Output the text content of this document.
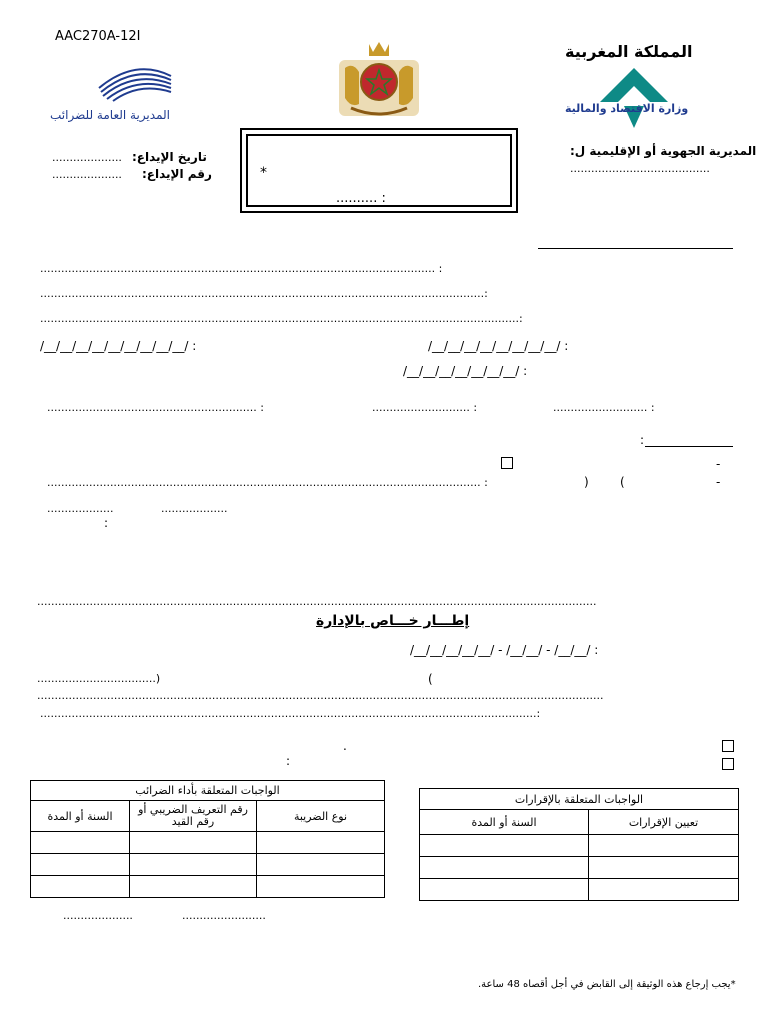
AAC270A-12I
المديرية العامة للضرائب
المملكة المغربية
وزارة الاقتصاد والمالية
المديرية الجهوية أو الإقليمية ل:
........................................
.................... تاريخ الإيداع:
.................... رقم الإيداع:	*
.......... :
................................................................................................................. :
...............................................................................................................................:
.........................................................................................................................................:
/__/__/__/__/__/__/__/__/__/ :	/__/__/__/__/__/__/__/__/ :
/__/__/__/__/__/__/__/ :
............................................................ :	............................ :	........................... :
:
-
............................................................................................................................ :	(
)	-
...................	...................
:
................................................................................................................................................................
إطـــار خـــاص بالإدارة
/__/__/__/__/__/ - /__/__/ - /__/__/ :
..................................)	(
..................................................................................................................................................................
..............................................................................................................................................:
.
:
الواجبات المتعلقة بأداء الضرائب		
السنة أو المدة	رقم التعريف الضريبي أو رقم القيد	نوع الضريبة

الواجبات المتعلقة بالإقرارات	
السنة أو المدة	تعيين الإقرارات

....................	........................
*يجب إرجاع هذه الوثيقة إلى القابض في أجل أقصاه 48 ساعة.
